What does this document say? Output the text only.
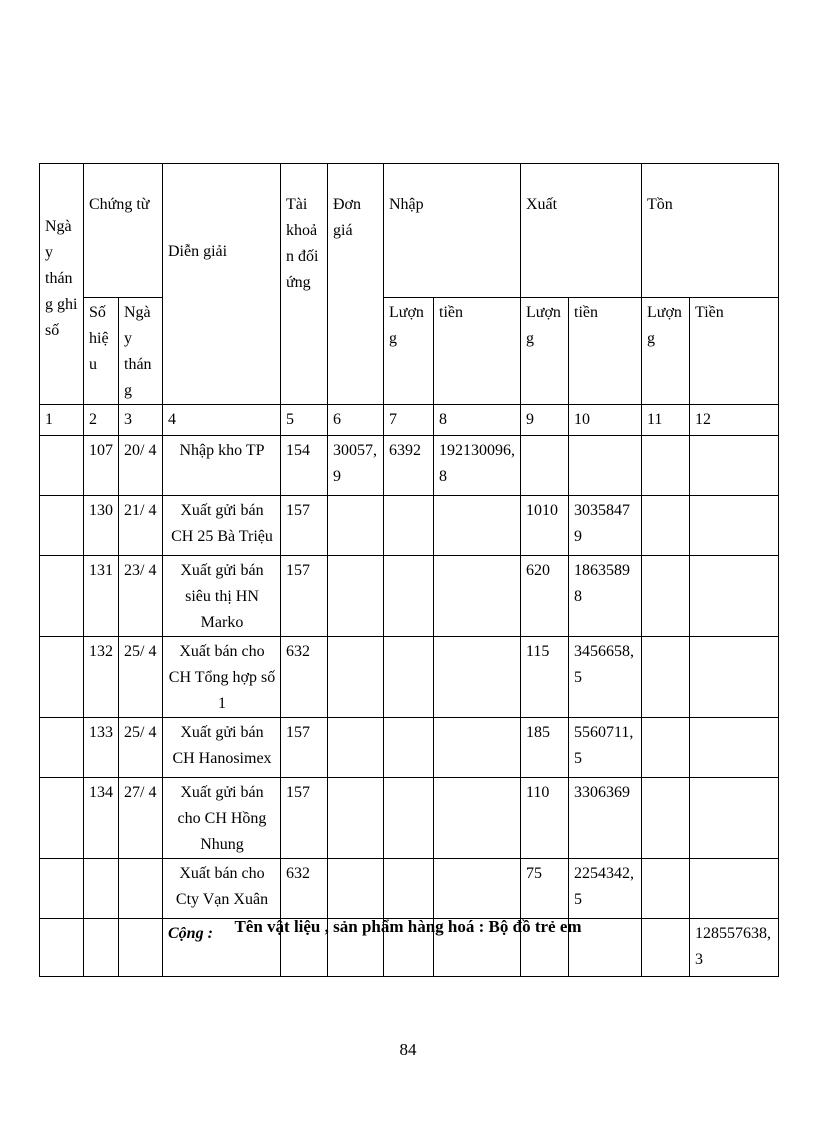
Ngày tháng ghi số	Chứng từ		Diễn giải	Tài khoả n đối ứng	Đơn giá	Nhập		Xuất		Tồn	
	Số hiệu	Ngày tháng				Lượn g	tiền	Lượn g	tiền	Lượn g	Tiền
1	2	3	4	5	6	7	8	9	10	11	12
	107	20/ 4	Nhập kho TP	154	30057, 9	6392	192130096, 8				
	130	21/ 4	Xuất gửi bán CH 25 Bà Triệu	157				1010	30358479		
	131	23/ 4	Xuất gửi bán siêu thị HN Marko	157				620	18635898		
	132	25/ 4	Xuất bán cho CH Tổng hợp số 1	632				115	3456658, 5		
	133	25/ 4	Xuất gửi bán CH Hanosimex	157				185	5560711, 5		
	134	27/ 4	Xuất gửi bán cho CH Hồng Nhung	157				110	3306369		
			Xuất bán cho Cty Vạn Xuân	632				75	2254342, 5		
			Cộng :								128557638, 3
Tên vật liệu , sản phẩm hàng hoá : Bộ đồ trẻ em
84
